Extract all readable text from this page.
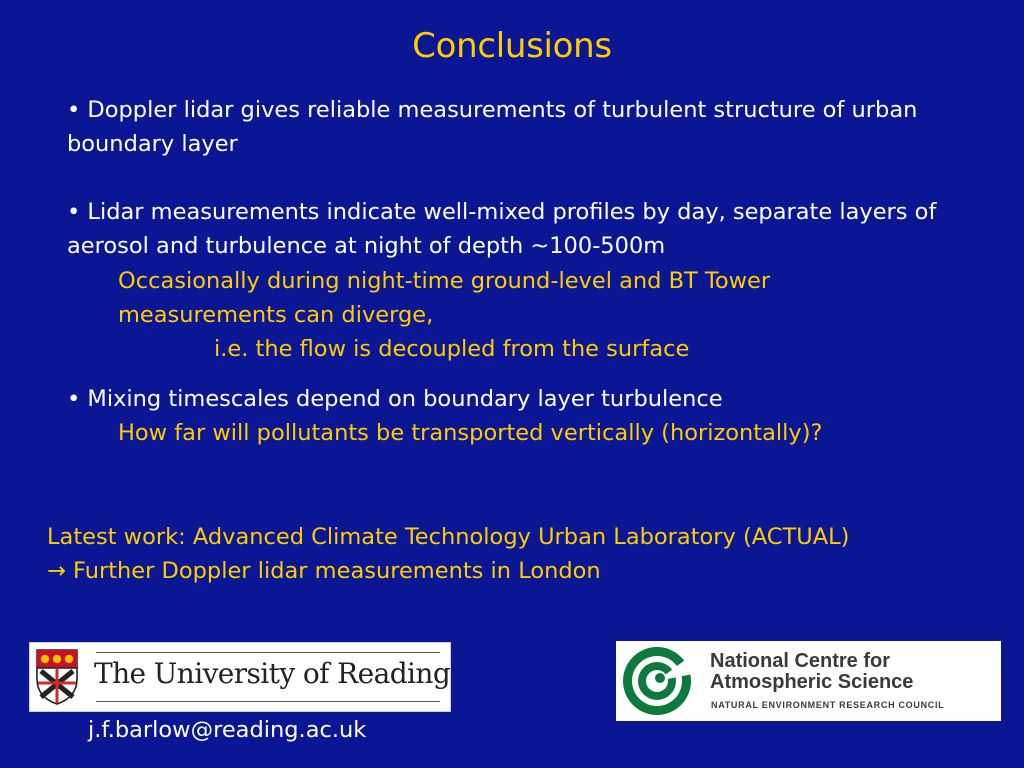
Conclusions
• Doppler lidar gives reliable measurements of turbulent structure of urban boundary layer
• Lidar measurements indicate well-mixed profiles by day, separate layers of aerosol and turbulence at night of depth ~100-500m
Occasionally during night-time ground-level and BT Tower measurements can diverge,
i.e. the flow is decoupled from the surface
• Mixing timescales depend on boundary layer turbulence
How far will pollutants be transported vertically (horizontally)?
Latest work: Advanced Climate Technology Urban Laboratory (ACTUAL)
→ Further Doppler lidar measurements in London
The University of Reading	National Centre for
Atmospheric Science
NATURAL ENVIRONMENT RESEARCH COUNCIL
j.f.barlow@reading.ac.uk
